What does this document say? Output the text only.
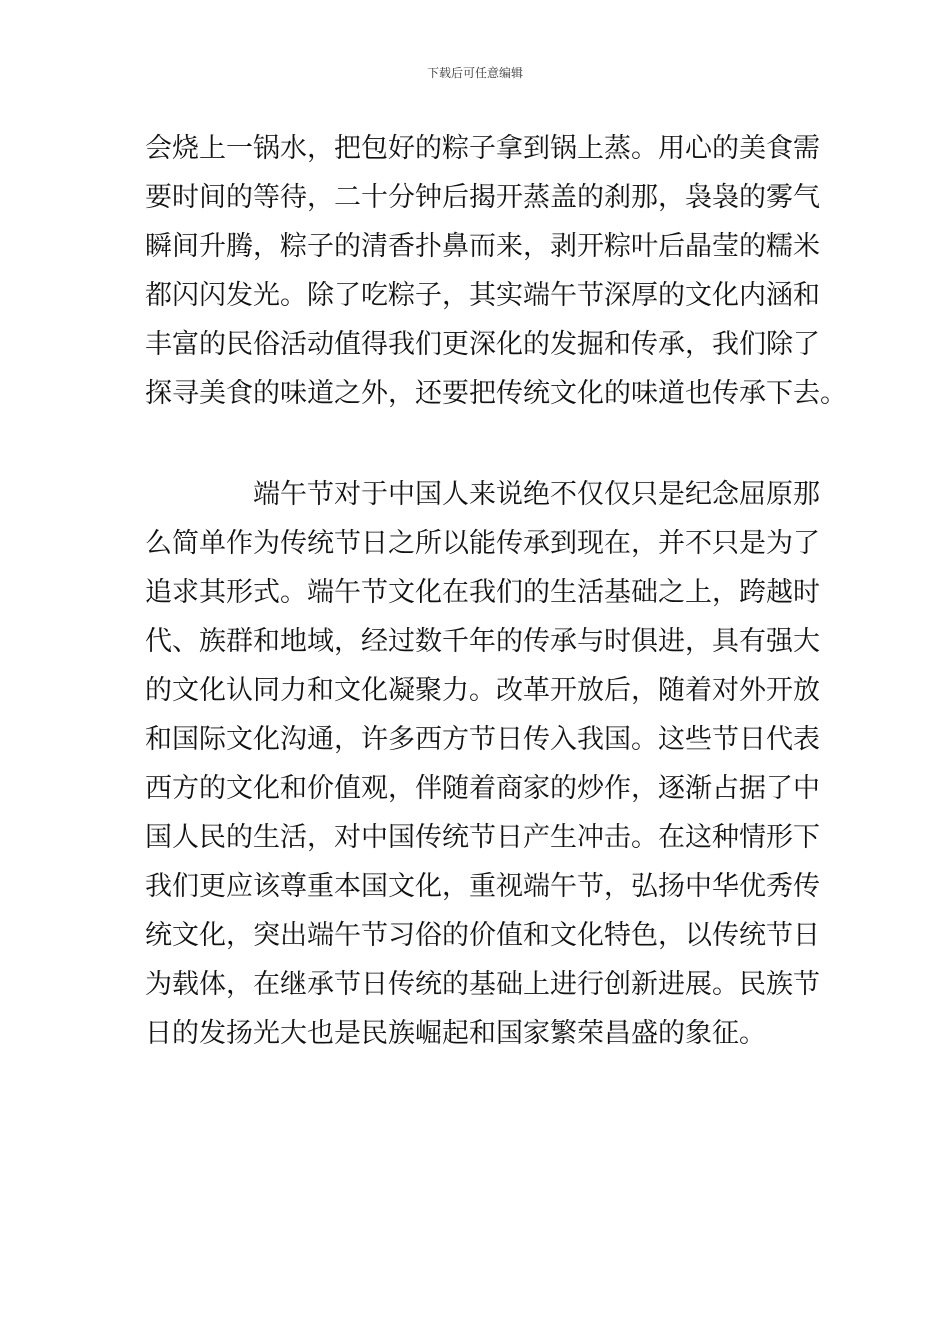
下载后可任意编辑
会烧上一锅水，把包好的粽子拿到锅上蒸。用心的美食需
要时间的等待，二十分钟后揭开蒸盖的刹那，袅袅的雾气
瞬间升腾，粽子的清香扑鼻而来，剥开粽叶后晶莹的糯米
都闪闪发光。除了吃粽子，其实端午节深厚的文化内涵和
丰富的民俗活动值得我们更深化的发掘和传承，我们除了
探寻美食的味道之外，还要把传统文化的味道也传承下去。
端午节对于中国人来说绝不仅仅只是纪念屈原那
么简单作为传统节日之所以能传承到现在，并不只是为了
追求其形式。端午节文化在我们的生活基础之上，跨越时
代、族群和地域，经过数千年的传承与时俱进，具有强大
的文化认同力和文化凝聚力。改革开放后，随着对外开放
和国际文化沟通，许多西方节日传入我国。这些节日代表
西方的文化和价值观，伴随着商家的炒作，逐渐占据了中
国人民的生活，对中国传统节日产生冲击。在这种情形下
我们更应该尊重本国文化，重视端午节，弘扬中华优秀传
统文化，突出端午节习俗的价值和文化特色，以传统节日
为载体，在继承节日传统的基础上进行创新进展。民族节
日的发扬光大也是民族崛起和国家繁荣昌盛的象征。
